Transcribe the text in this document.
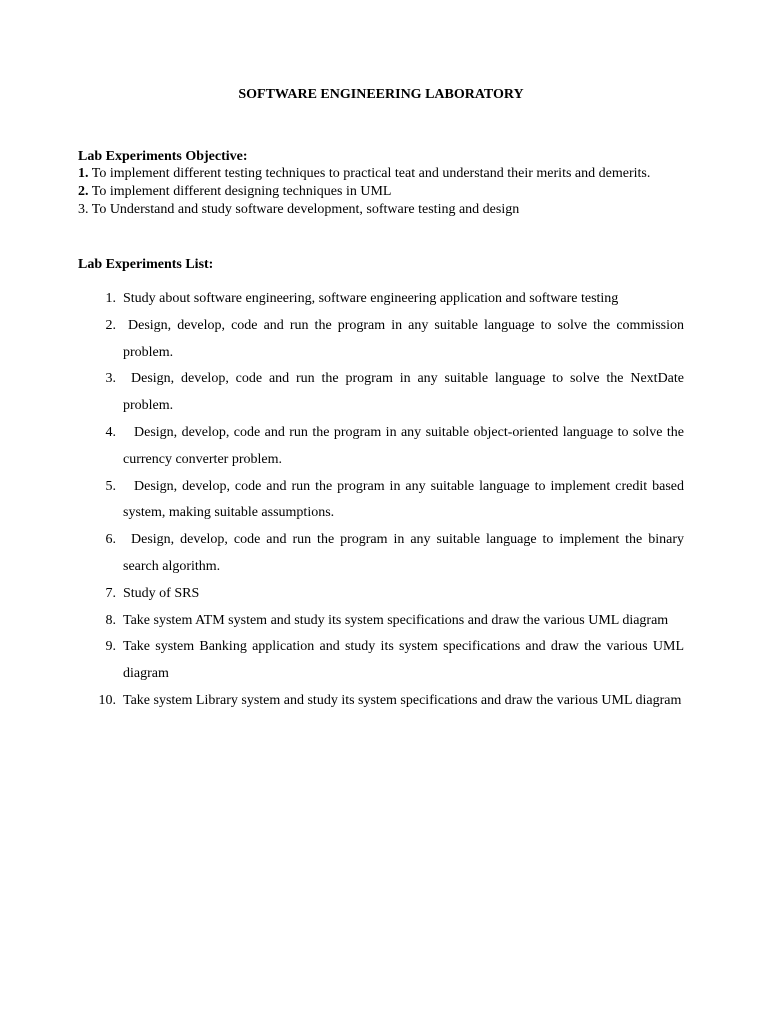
SOFTWARE ENGINEERING LABORATORY
Lab Experiments Objective:

1. To implement different testing techniques to practical teat and understand their merits and demerits.

2. To implement different designing techniques in UML

3. To Understand and study software development, software testing and design

Lab Experiments List:
1. Study about software engineering, software engineering application and software testing
2. Design, develop, code and run the program in any suitable language to solve the commission problem.
3.	Design, develop, code and run the program in any suitable language to solve the NextDate problem.
4.	Design, develop, code and run the program in any suitable object-oriented language to solve the currency converter problem.
5.	Design, develop, code and run the program in any suitable language to implement credit based system, making suitable assumptions.
6.	Design, develop, code and run the program in any suitable language to implement the binary search algorithm.
7. Study of SRS
8. Take system ATM system and study its system specifications and draw the various UML diagram
9. Take system Banking application and study its system specifications and draw the various UML diagram
10. Take system Library system and study its system specifications and draw the various UML diagram
